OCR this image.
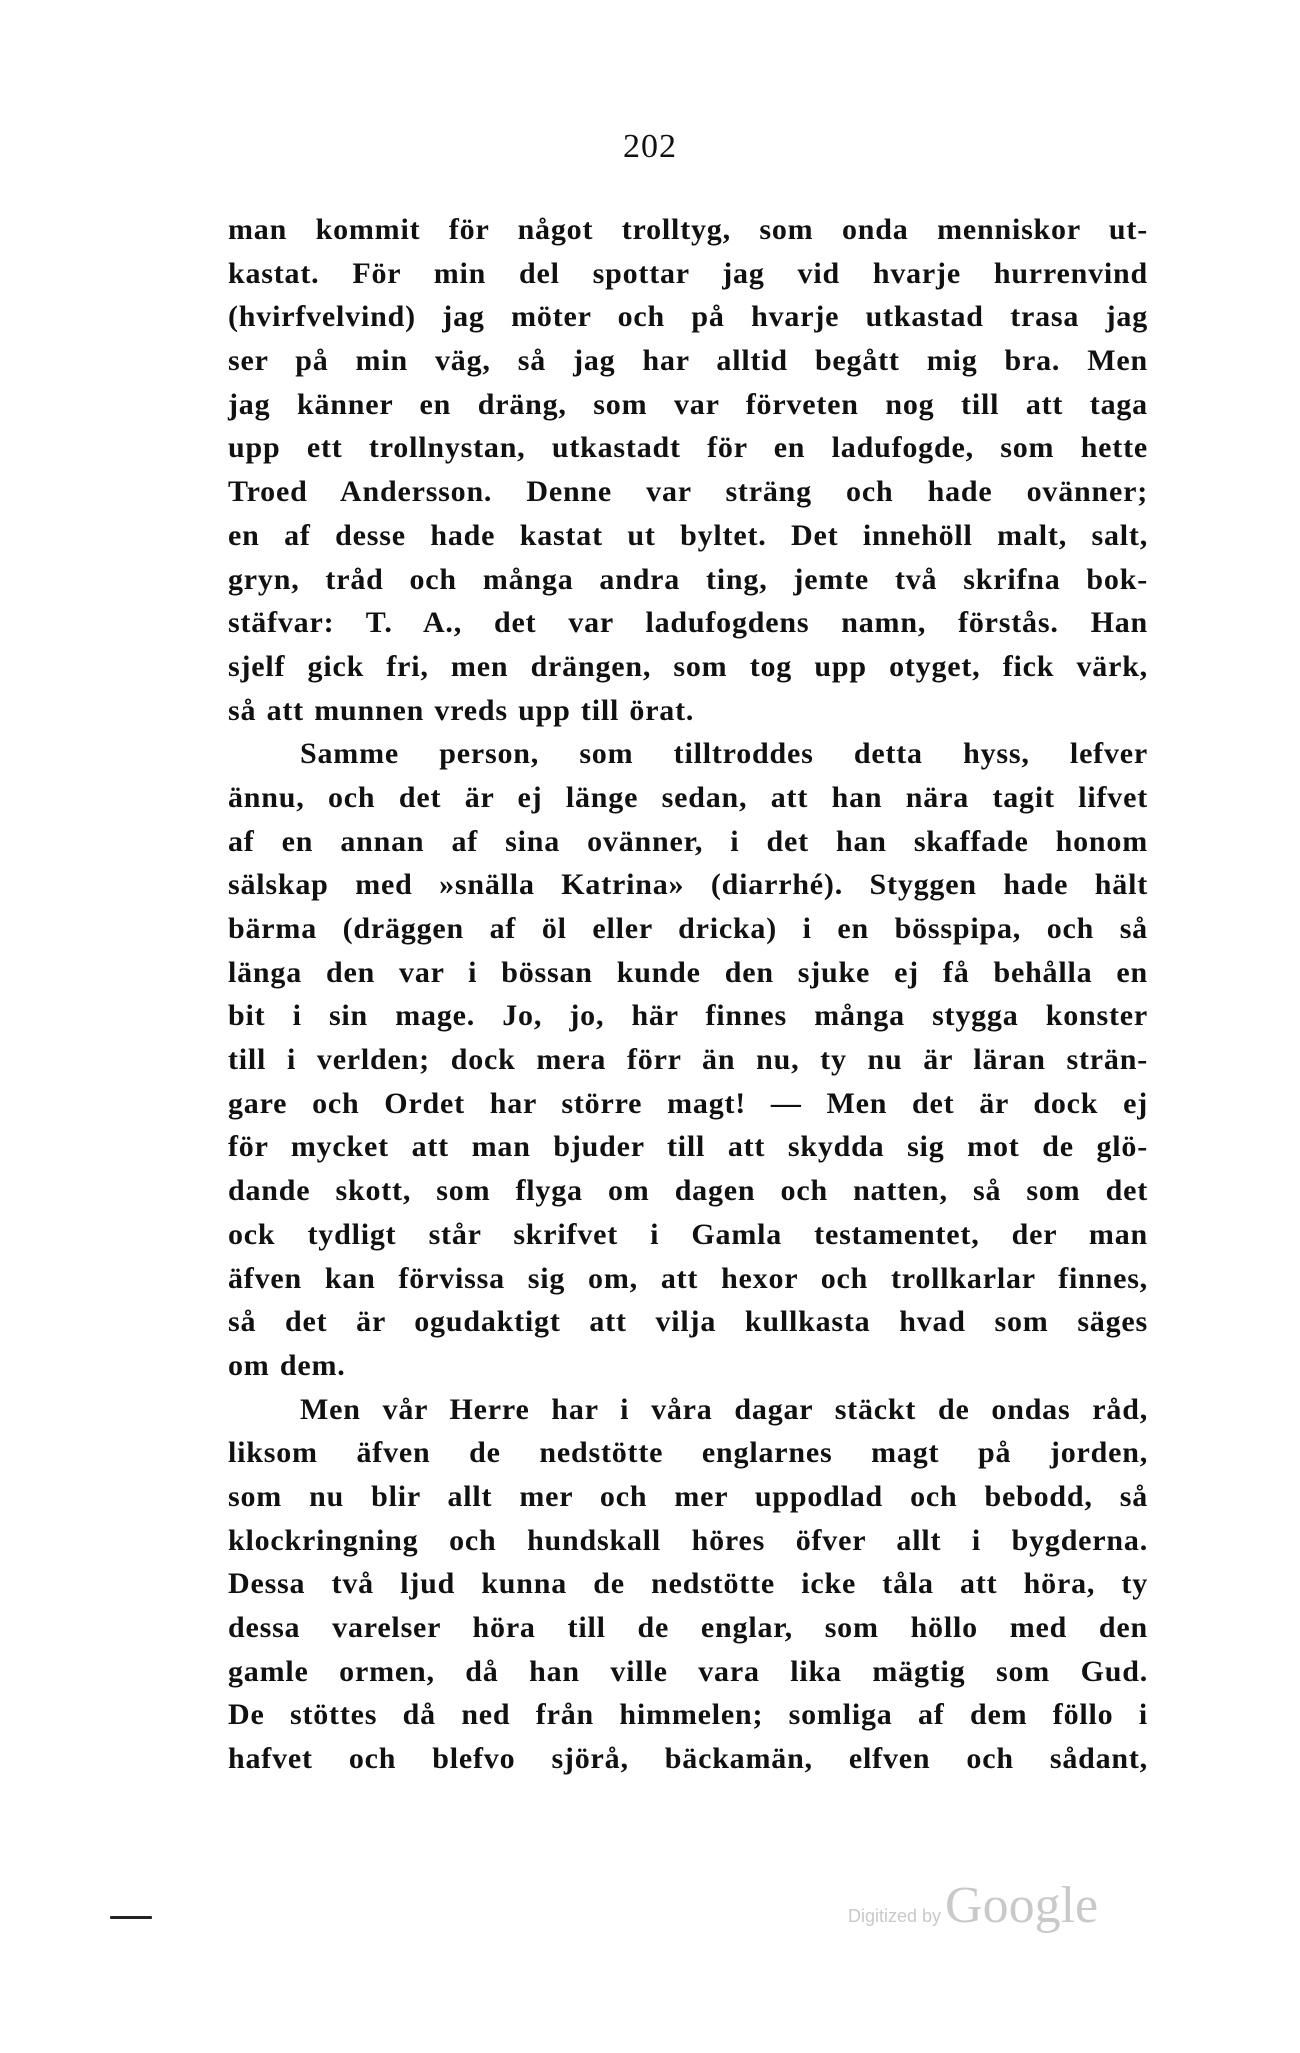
202
man kommit för något trolltyg, som onda menniskor ut-
kastat. För min del spottar jag vid hvarje hurrenvind
(hvirfvelvind) jag möter och på hvarje utkastad trasa jag
ser på min väg, så jag har alltid begått mig bra. Men
jag känner en dräng, som var förveten nog till att taga
upp ett trollnystan, utkastadt för en ladufogde, som hette
Troed Andersson. Denne var sträng och hade ovänner;
en af desse hade kastat ut byltet. Det innehöll malt, salt,
gryn, tråd och många andra ting, jemte två skrifna bok-
stäfvar: T. A., det var ladufogdens namn, förstås. Han
sjelf gick fri, men drängen, som tog upp otyget, fick värk,
så att munnen vreds upp till örat.
Samme person, som tilltroddes detta hyss, lefver
ännu, och det är ej länge sedan, att han nära tagit lifvet
af en annan af sina ovänner, i det han skaffade honom
sälskap med »snälla Katrina» (diarrhé). Styggen hade hält
bärma (dräggen af öl eller dricka) i en bösspipa, och så
länga den var i bössan kunde den sjuke ej få behålla en
bit i sin mage. Jo, jo, här finnes många stygga konster
till i verlden; dock mera förr än nu, ty nu är läran strän-
gare och Ordet har större magt! — Men det är dock ej
för mycket att man bjuder till att skydda sig mot de glö-
dande skott, som flyga om dagen och natten, så som det
ock tydligt står skrifvet i Gamla testamentet, der man
äfven kan förvissa sig om, att hexor och trollkarlar finnes,
så det är ogudaktigt att vilja kullkasta hvad som säges
om dem.
Men vår Herre har i våra dagar stäckt de ondas råd,
liksom äfven de nedstötte englarnes magt på jorden,
som nu blir allt mer och mer uppodlad och bebodd, så
klockringning och hundskall höres öfver allt i bygderna.
Dessa två ljud kunna de nedstötte icke tåla att höra, ty
dessa varelser höra till de englar, som höllo med den
gamle ormen, då han ville vara lika mägtig som Gud.
De stöttes då ned från himmelen; somliga af dem föllo i
hafvet och blefvo sjörå, bäckamän, elfven och sådant,
Digitized byGoogle
